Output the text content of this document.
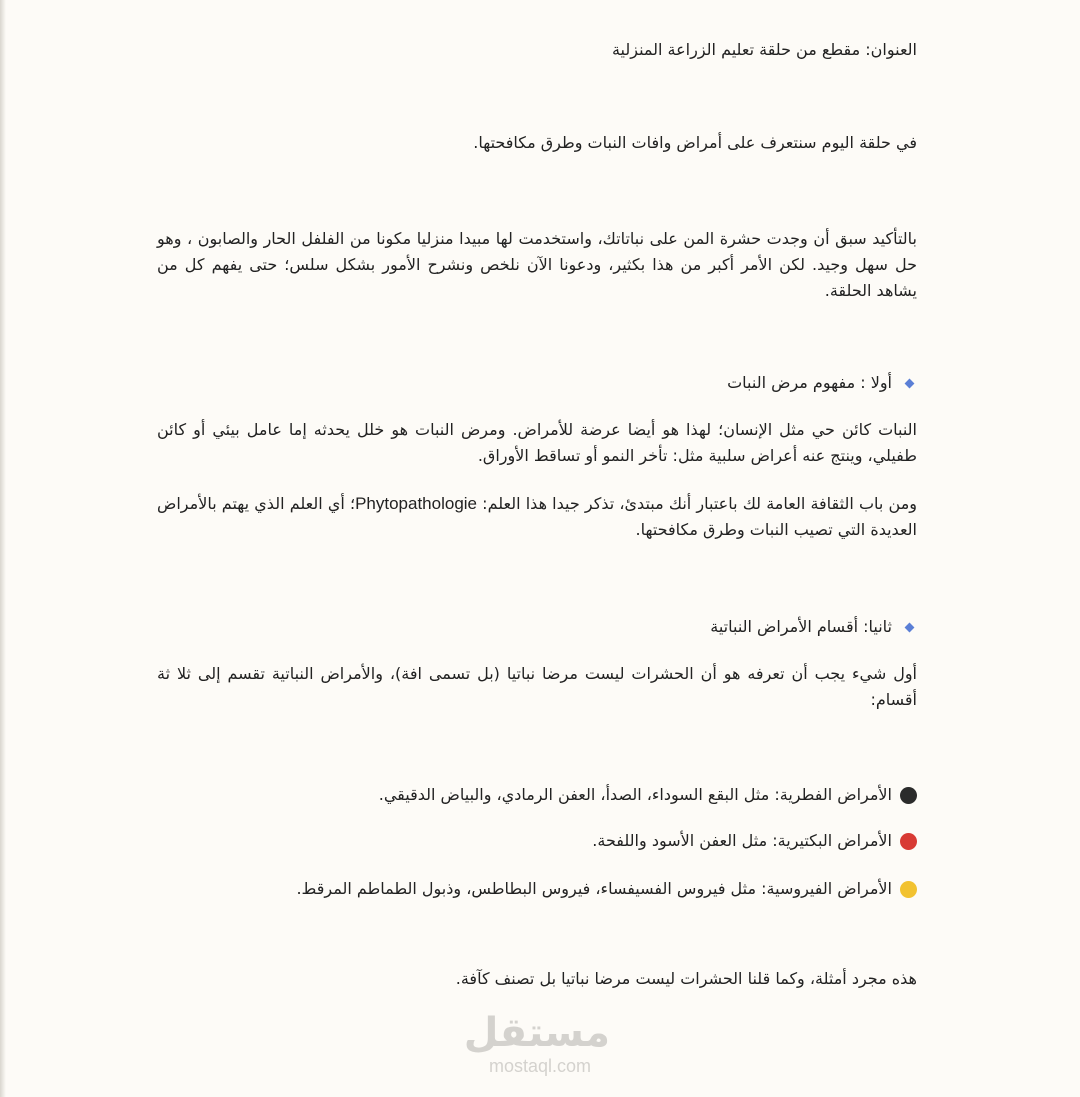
العنوان: مقطع من حلقة تعليم الزراعة المنزلية
في حلقة اليوم سنتعرف على أمراض وافات النبات وطرق مكافحتها.
بالتأكيد سبق أن وجدت حشرة المن على نباتاتك، واستخدمت لها مبيدا منزليا مكونا من الفلفل الحار والصابون ، وهو حل سهل وجيد. لكن الأمر أكبر من هذا بكثير، ودعونا الآن نلخص ونشرح الأمور بشكل سلس؛ حتى يفهم كل من يشاهد الحلقة.
أولا : مفهوم مرض النبات
النبات كائن حي مثل الإنسان؛ لهذا هو أيضا عرضة للأمراض. ومرض النبات هو خلل يحدثه إما عامل بيئي أو كائن طفيلي، وينتج عنه أعراض سلبية مثل: تأخر النمو أو تساقط الأوراق.
ومن باب الثقافة العامة لك باعتبار أنك مبتدئ، تذكر جيدا هذا العلم: Phytopathologie؛ أي العلم الذي يهتم بالأمراض العديدة التي تصيب النبات وطرق مكافحتها.
ثانيا: أقسام الأمراض النباتية
أول شيء يجب أن تعرفه هو أن الحشرات ليست مرضا نباتيا (بل تسمى افة)، والأمراض النباتية تقسم إلى ثلا ثة أقسام:
الأمراض الفطرية: مثل البقع السوداء، الصدأ، العفن الرمادي، والبياض الدقيقي.
الأمراض البكتيرية: مثل العفن الأسود واللفحة.
الأمراض الفيروسية: مثل فيروس الفسيفساء، فيروس البطاطس، وذبول الطماطم المرقط.
هذه مجرد أمثلة، وكما قلنا الحشرات ليست مرضا نباتيا بل تصنف كآفة.
مستقل
mostaql.com
